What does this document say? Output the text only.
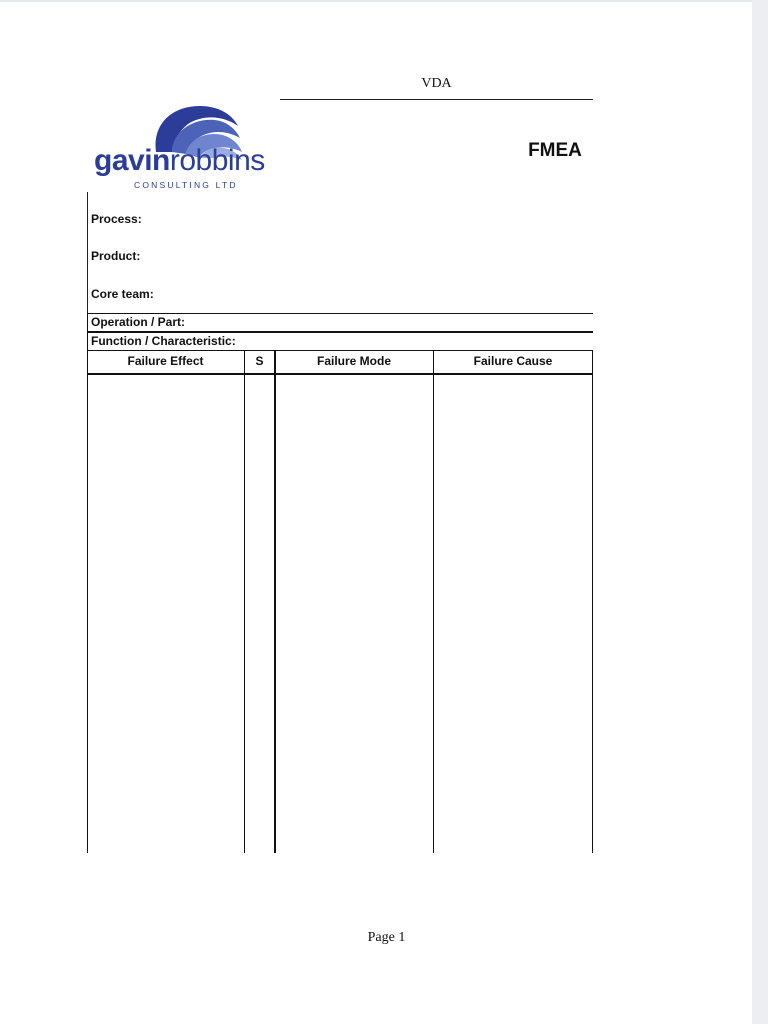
VDA
gavinrobbins
CONSULTING LTD
FMEA
Process:
Product:
Core team:
Operation / Part:
Function / Characteristic:
Failure Effect	S	Failure Mode	Failure Cause
Page 1
